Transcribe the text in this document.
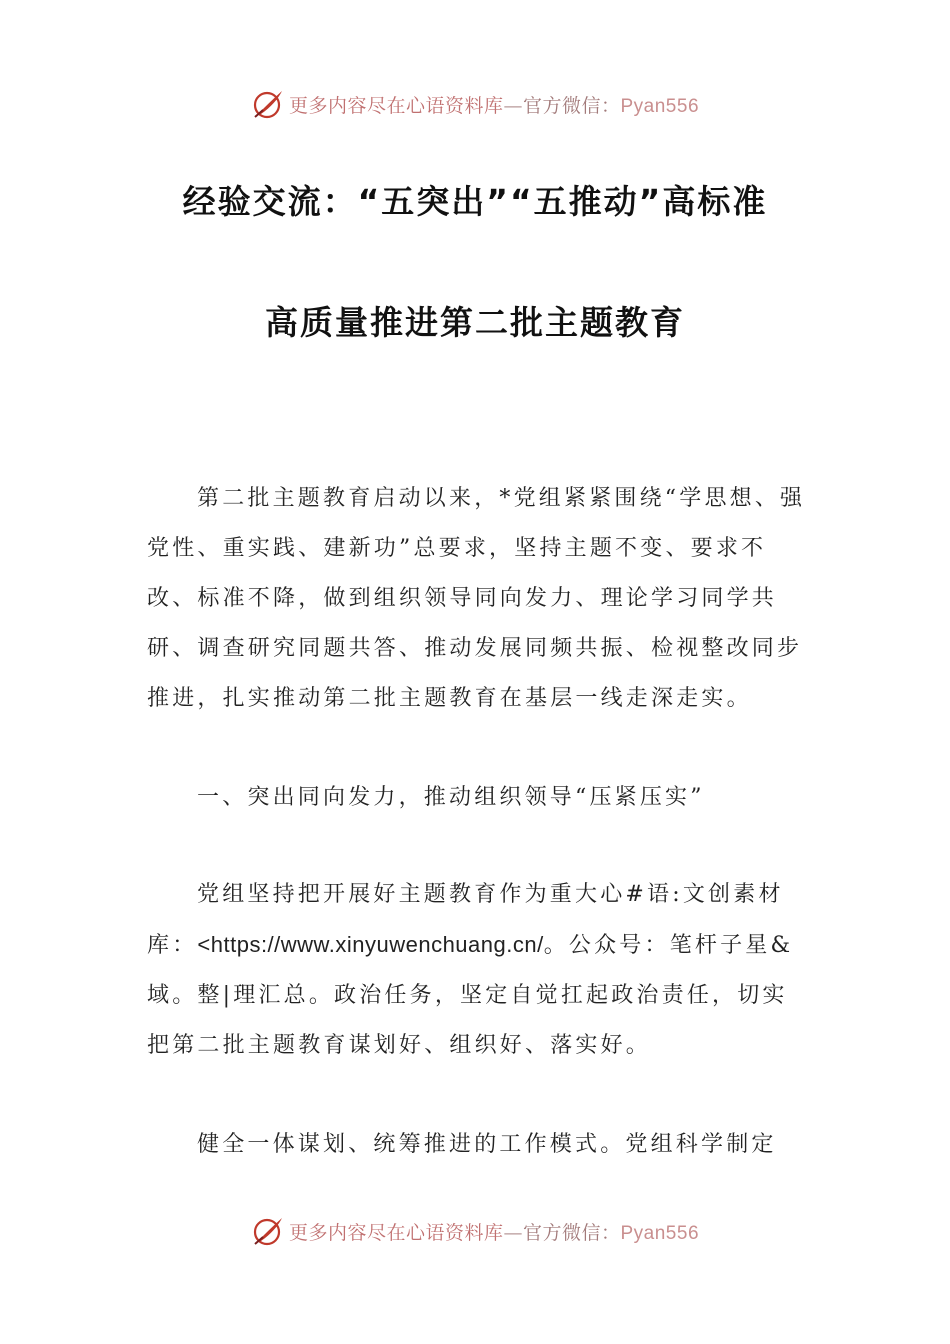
更多内容尽在心语资料库—官方微信：Pyan556
经验交流：“五突出”“五推动”高标准
高质量推进第二批主题教育
第二批主题教育启动以来，*党组紧紧围绕“学思想、强党性、重实践、建新功”总要求，坚持主题不变、要求不改、标准不降，做到组织领导同向发力、理论学习同学共研、调查研究同题共答、推动发展同频共振、检视整改同步推进，扎实推动第二批主题教育在基层一线走深走实。
一、突出同向发力，推动组织领导“压紧压实”
党组坚持把开展好主题教育作为重大心#语:文创素材库：<https://www.xinyuwenchuang.cn/。公众号：笔杆子星&域。整|理汇总。政治任务，坚定自觉扛起政治责任，切实把第二批主题教育谋划好、组织好、落实好。
健全一体谋划、统筹推进的工作模式。党组科学制定
更多内容尽在心语资料库—官方微信：Pyan556
